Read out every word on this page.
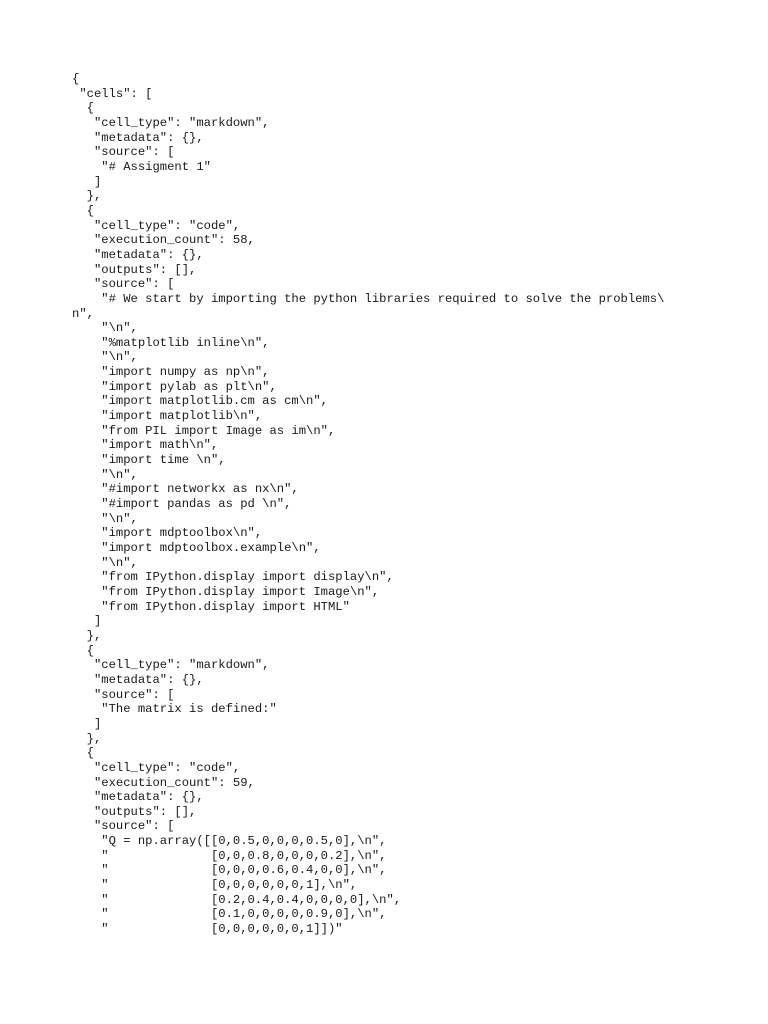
{
"cells": [
{
"cell_type": "markdown",
"metadata": {},
"source": [
"# Assigment 1"
]
},
{
"cell_type": "code",
"execution_count": 58,
"metadata": {},
"outputs": [],
"source": [
"# We start by importing the python libraries required to solve the problems\
n",
"\n",
"%matplotlib inline\n",
"\n",
"import numpy as np\n",
"import pylab as plt\n",
"import matplotlib.cm as cm\n",
"import matplotlib\n",
"from PIL import Image as im\n",
"import math\n",
"import time \n",
"\n",
"#import networkx as nx\n",
"#import pandas as pd \n",
"\n",
"import mdptoolbox\n",
"import mdptoolbox.example\n",
"\n",
"from IPython.display import display\n",
"from IPython.display import Image\n",
"from IPython.display import HTML"
]
},
{
"cell_type": "markdown",
"metadata": {},
"source": [
"The matrix is defined:"
]
},
{
"cell_type": "code",
"execution_count": 59,
"metadata": {},
"outputs": [],
"source": [
"Q = np.array([[0,0.5,0,0,0,0.5,0],\n",
"              [0,0,0.8,0,0,0,0.2],\n",
"              [0,0,0,0.6,0.4,0,0],\n",
"              [0,0,0,0,0,0,1],\n",
"              [0.2,0.4,0.4,0,0,0,0],\n",
"              [0.1,0,0,0,0,0.9,0],\n",
"              [0,0,0,0,0,0,1]])"
